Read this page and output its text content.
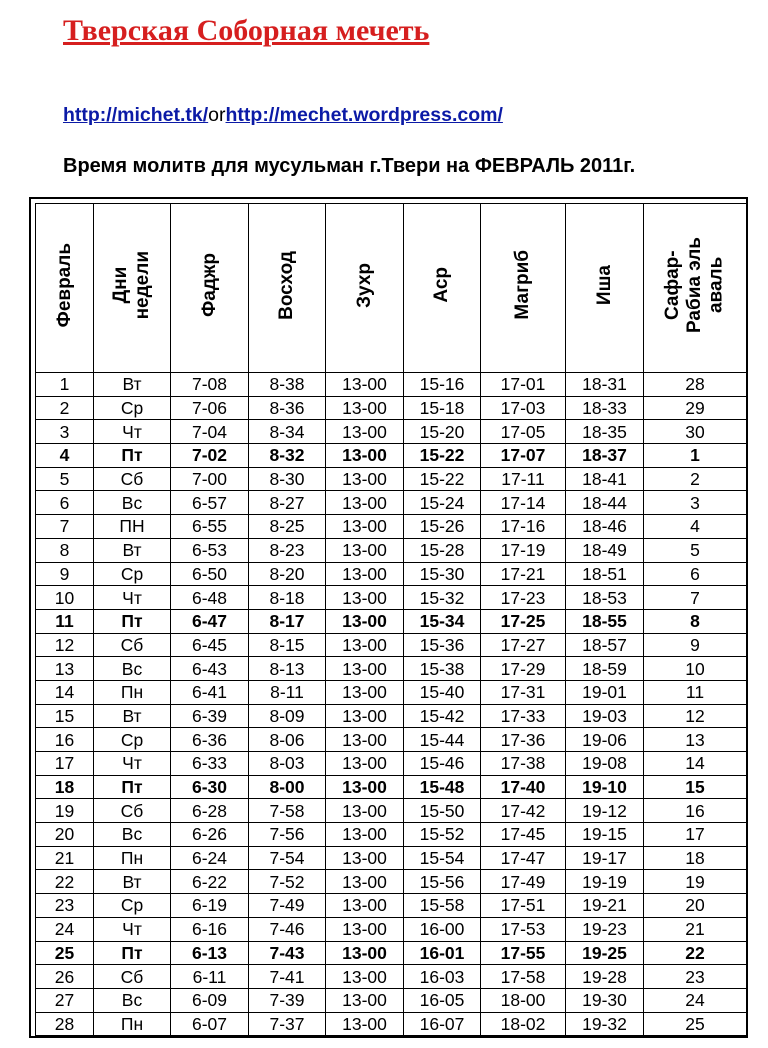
Тверская Соборная мечеть
http://michet.tk/orhttp://mechet.wordpress.com/
Время молитв для мусульман г.Твери на ФЕВРАЛЬ 2011г.
Февраль	Дни недели	Фаджр	Восход	Зухр	Аср	Магриб	Иша	Сафар- Рабиа эль аваль

1	Вт	7-08	8-38	13-00	15-16	17-01	18-31	28
2	Ср	7-06	8-36	13-00	15-18	17-03	18-33	29
3	Чт	7-04	8-34	13-00	15-20	17-05	18-35	30
4	Пт	7-02	8-32	13-00	15-22	17-07	18-37	1
5	Сб	7-00	8-30	13-00	15-22	17-11	18-41	2
6	Вс	6-57	8-27	13-00	15-24	17-14	18-44	3
7	ПН	6-55	8-25	13-00	15-26	17-16	18-46	4
8	Вт	6-53	8-23	13-00	15-28	17-19	18-49	5
9	Ср	6-50	8-20	13-00	15-30	17-21	18-51	6
10	Чт	6-48	8-18	13-00	15-32	17-23	18-53	7
11	Пт	6-47	8-17	13-00	15-34	17-25	18-55	8
12	Сб	6-45	8-15	13-00	15-36	17-27	18-57	9
13	Вс	6-43	8-13	13-00	15-38	17-29	18-59	10
14	Пн	6-41	8-11	13-00	15-40	17-31	19-01	11
15	Вт	6-39	8-09	13-00	15-42	17-33	19-03	12
16	Ср	6-36	8-06	13-00	15-44	17-36	19-06	13
17	Чт	6-33	8-03	13-00	15-46	17-38	19-08	14
18	Пт	6-30	8-00	13-00	15-48	17-40	19-10	15
19	Сб	6-28	7-58	13-00	15-50	17-42	19-12	16
20	Вс	6-26	7-56	13-00	15-52	17-45	19-15	17
21	Пн	6-24	7-54	13-00	15-54	17-47	19-17	18
22	Вт	6-22	7-52	13-00	15-56	17-49	19-19	19
23	Ср	6-19	7-49	13-00	15-58	17-51	19-21	20
24	Чт	6-16	7-46	13-00	16-00	17-53	19-23	21
25	Пт	6-13	7-43	13-00	16-01	17-55	19-25	22
26	Сб	6-11	7-41	13-00	16-03	17-58	19-28	23
27	Вс	6-09	7-39	13-00	16-05	18-00	19-30	24
28	Пн	6-07	7-37	13-00	16-07	18-02	19-32	25
